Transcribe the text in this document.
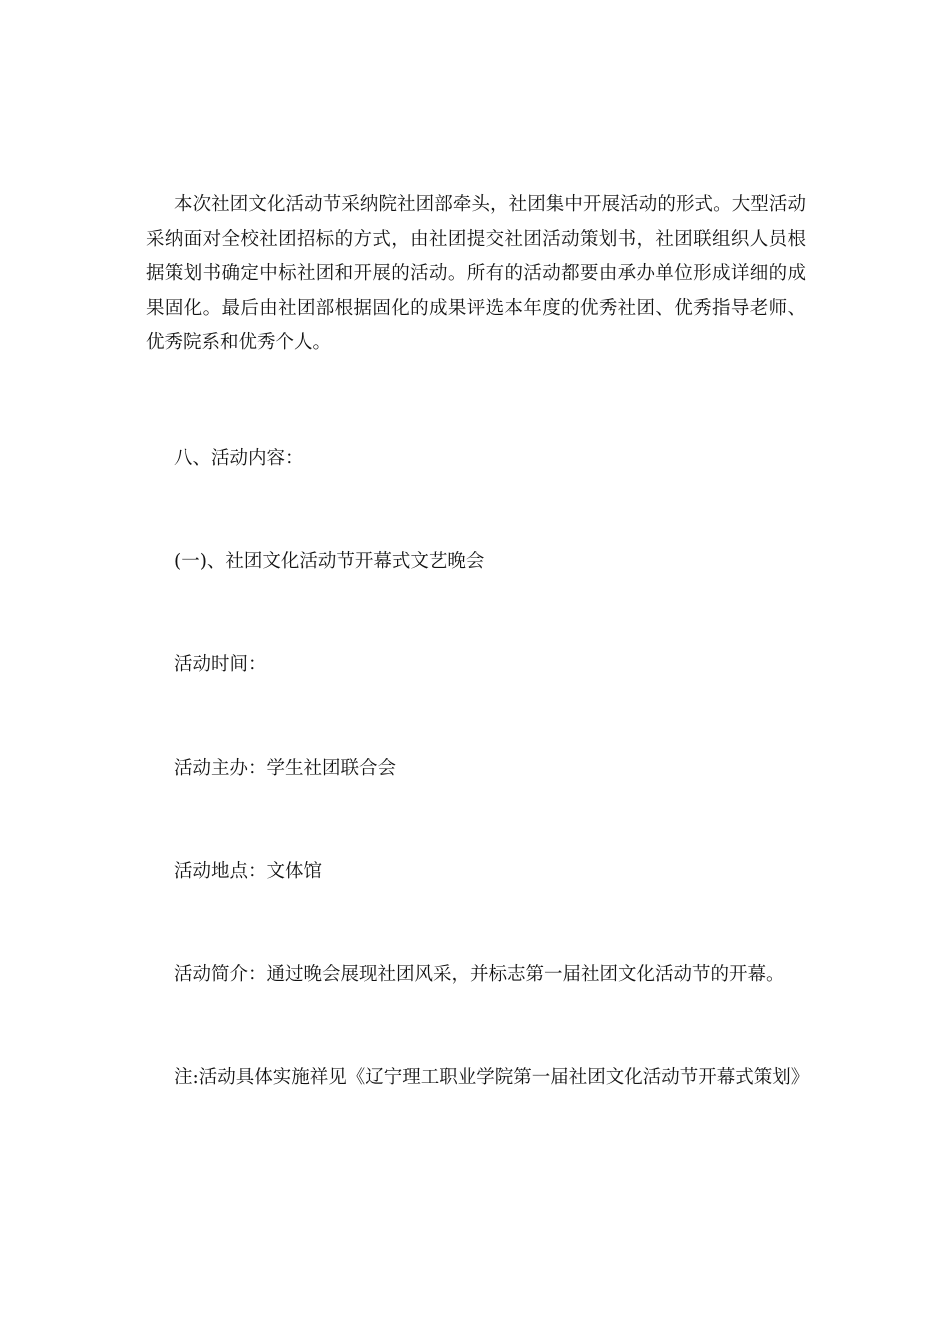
本次社团文化活动节采纳院社团部牵头，社团集中开展活动的形式。大型活动采纳面对全校社团招标的方式，由社团提交社团活动策划书，社团联组织人员根据策划书确定中标社团和开展的活动。所有的活动都要由承办单位形成详细的成果固化。最后由社团部根据固化的成果评选本年度的优秀社团、优秀指导老师、优秀院系和优秀个人。

八、活动内容：

(一)、社团文化活动节开幕式文艺晚会

活动时间：

活动主办：学生社团联合会

活动地点：文体馆

活动简介：通过晚会展现社团风采，并标志第一届社团文化活动节的开幕。

注:活动具体实施祥见《辽宁理工职业学院第一届社团文化活动节开幕式策划》
